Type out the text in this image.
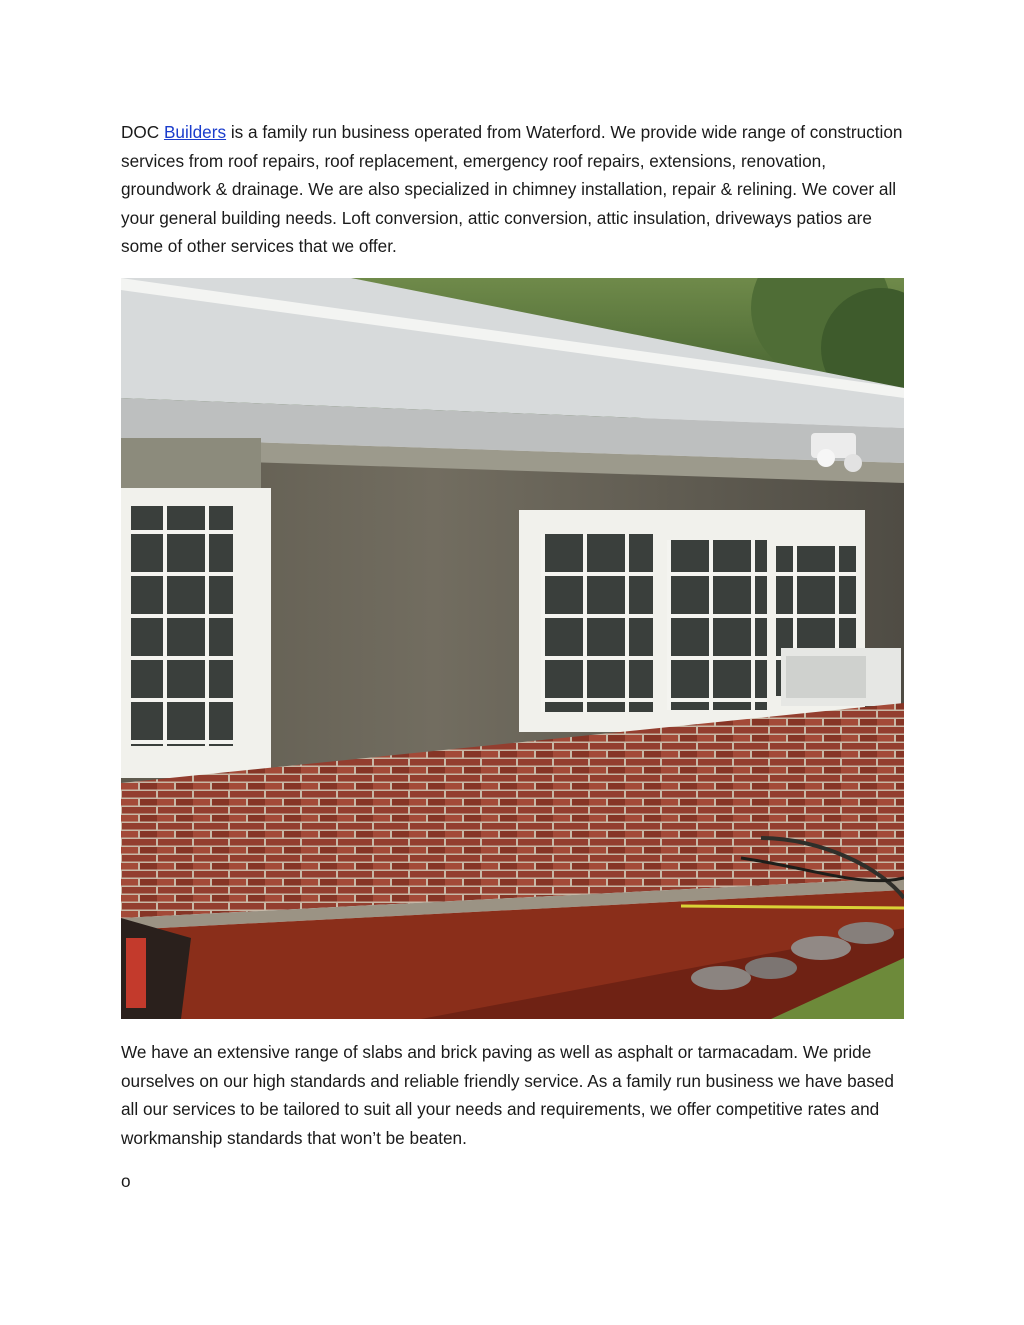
DOC Builders is a family run business operated from Waterford. We provide wide range of construction services from roof repairs, roof replacement, emergency roof repairs, extensions, renovation, groundwork & drainage. We are also specialized in chimney installation, repair & relining. We cover all your general building needs. Loft conversion, attic conversion, attic insulation, driveways patios are some of other services that we offer.

We have an extensive range of slabs and brick paving as well as asphalt or tarmacadam. We pride ourselves on our high standards and reliable friendly service. As a family run business we have based all our services to be tailored to suit all your needs and requirements, we offer competitive rates and workmanship standards that won’t be beaten.

o
